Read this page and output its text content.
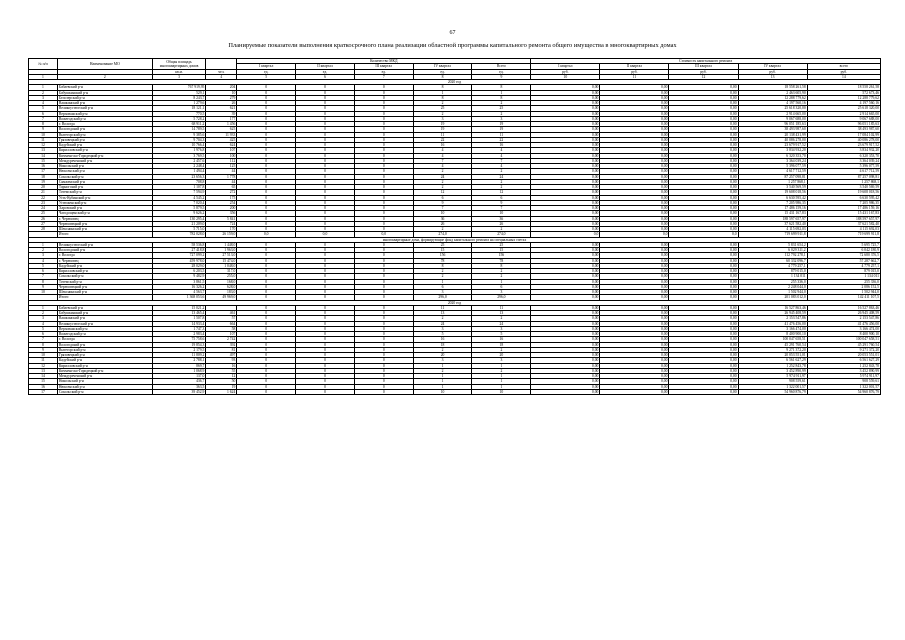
67
Планируемые показатели выполнения краткосрочного плана реализации областной программы капитального ремонта общего имущества в многоквартирных домах
№ п/п	Наименование МО	Общая площадь многоквартирных домов		Количество МКД					Стоимость капитального ремонта				
				I квартал	II квартал	III квартал	IV квартал	Всего	I квартал	II квартал	III квартал	IV квартал	всего
		кв.м.	чел.	ед.	ед.	ед.	ед.	ед.	руб.	руб.	руб.	руб.	руб.
1	2	3	4	5	6	7	8	9	10	11	12	13	14
2020 год													
1	Бабаевский р-н	767 919,95	204	0	0	0	8	8	0,00	0,00	0,00	18 558 261,58	18 558 261,58
2	Бабушкинский р-н	529,1	10	0	0	0	1	1	0,00	0,00	0,00	2 463 605,90	572 673,46
3	Белозерский р-н	8 243,7	279	0	0	0	8	8	0,00	0,00	0,00	12 288 779,62	12 288 779,62
4	Вашкинский р-н	1 279,6	26	0	0	0	2	2	0,00	0,00	0,00	4 197 560,16	4 197 560,16
5	Великоустюгский р-н	18 121,1	621	0	0	0	25	25	0,00	0,00	0,00	25 618 320,00	25 618 320,00
6	Верховажский р-н	770,5	39	0	0	0	2	2	0,00	0,00	0,00	2 914 665,00	2 914 665,00
7	Вожегодский р-н	5 728,2	177	0	0	0	3	3	0,00	0,00	0,00	9 067 688,00	9 067 688,00
8	г. Вологда	68 911,2	1 456	0	0	0	19	19	0,00	0,00	0,00	96 051 185,63	96 051 185,63
9	Вологодский р-н	14 789,5	625	0	0	0	19	19	0,00	0,00	0,00	38 493 987,60	38 493 987,60
10	Вытегорский р-н	9 385,6	11 933	0	0	0	11	11	0,00	0,00	0,00	20 138 431,99	17 084 102,99
11	Грязовецкий р-н	9 704,3	425	0	0	0	22	22	0,00	0,00	0,00	40 086 278,00	40 086 278,00
12	Кадуйский р-н	10 766,4	624	0	0	0	16	16	0,00	0,00	0,00	23 679 917,52	23 679 917,52
13	Кирилловский р-н	1 976,8	107	0	0	0	4	4	0,00	0,00	0,00	3 834 932,20	3 834 932,20
14	Кичменгско-Городецкий р-н	3 769,5	100	0	0	0	4	4	0,00	0,00	0,00	6 320 353,70	6 320 353,70
15	Междуреченский р-н	2 457,6	112	0	0	0	7	7	0,00	0,00	0,00	3 364 039,24	3 364 039,24
16	Никольский р-н	2 248,4	125	0	0	0	4	4	0,00	0,00	0,00	5 396 077,59	5 396 077,59
17	Нюксенский р-н	1 494,4	44	0	0	0	2	2	0,00	0,00	0,00	4 617 712,59	4 617 712,59
18	Сокольский р-н	23 656,3	1 778	0	0	0	24	24	0,00	0,00	0,00	87 257 098,81	87 257 098,81
19	Сямженский р-н	708,8	44	0	0	0	2	2	0,00	0,00	0,00	1 257 868,1	1 257 868,1
20	Тарногский р-н	1 107,8	65	0	0	0	2	2	0,00	0,00	0,00	3 540 569,59	3 540 569,59
21	Тотемский р-н	7 594,9	272	0	0	0	12	12	0,00	0,00	0,00	19 608 018,56	19 608 018,56
22	Усть-Кубинский р-н	4 545,2	175	0	0	0	6	6	0,00	0,00	0,00	6 630 595,42	6 630 595,42
23	Устюженский р-н	7 020,4	254	0	0	0	9	9	0,00	0,00	0,00	7 205 986,35	7 205 986,35
24	Харовский р-н	5 879,5	200	0	0	0	7	7	0,00	0,00	0,00	17 486 159,16	17 486 159,16
25	Чагодощенский р-н	9 626,2	356	0	0	0	10	10	0,00	0,00	0,00	15 431 167,83	15 431 167,83
26	г. Череповец	130 295,4	5 841	0	0	0	36	36	0,00	0,00	0,00	188 597 657,97	188 597 657,97
27	Череповецкий р-н	21 209,0	724	0	0	0	26	26	0,00	0,00	0,00	37 621 582,40	37 621 582,40
28	Шекснинский р-н	5 715,0	170	0	0	0	2	2	0,00	0,00	0,00	4 115 692,03	4 115 692,03
	Итого:	782 028,0	26 159,0	0,0	0,0	0,0	274,0	274,0	0,0	0,0	0,0	719 699 911,8	719 699 911,8
многоквартирные дома, формирующие фонд капитального ремонта на специальных счетах													
1	Великоустюгский р-н	58 536,8	1 448,0	0	0	0	25	25	0,00	0,00	0,00	5 831 654,2	5 695 725,7
2	Вологодский р-н	27 418,8	1 963,0	0	0	0	15	15	0,00	0,00	0,00	6 029 311,2	6 042 180,9
3	г. Вологда	727 099,2	27 513,0	0	0	0	156	156	0,00	0,00	0,00	112 792 278,1	72 680 376,5
4	г. Череповец	459 978,0	15 474,0	0	0	0	78	78	0,00	0,00	0,00	60 332 096,7	57 287 662,7
5	Кадуйский р-н	28 029,0	1 048,0	0	0	0	8	8	0,00	0,00	0,00	4 779 257,1	4 779 257,1
6	Кирилловский р-н	6 203,5	317,0	0	0	0	2	2	0,00	0,00	0,00	879 015,0	879 015,0
7	Сокольский р-н	9 482,9	255,0	0	0	0	2	2	0,00	0,00	0,00	1 134 011	1 134 011
8	Тотемский р-н	3 861,5	168,0	0	0	0	1	1	0,00	0,00	0,00	255 336,0	255 336,0
9	Череповецкий р-н	16 326,2	628,0	0	0	0	6	6	0,00	0,00	0,00	2 248 044,0	2 086 152,5
10	Шекснинский р-н	4 563,7	183,0	0	0	0	3	3	0,00	0,00	0,00	1 502 944,0	1 502 944,0
	Итого:	1 368 053,6	49 969,0	0	0	0	296,0	296,0	0,00	0,00	0,00	201 083 012,0	142 411 107,5
2020 год													
1	Бабаевский р-н	15 021,2		0	0	0	11	11	0,00	0,00	0,00	16 527 863,46	16 527 863,46
2	Бабушкинский р-н	13 465,4	461	0	0	0	13	13	0,00	0,00	0,00	26 945 408,59	26 945 408,59
3	Вашкинский р-н	1 507,8	57	0	0	0	2	2	0,00	0,00	0,00	2 153 547,86	2 153 547,86
4	Великоустюгский р-н	14 933,4	664	0	0	0	24	24	0,00	0,00	0,00	41 476 456,00	41 476 456,00
5	Верховажский р-н	1 747,3	58	0	0	0	3	3	0,00	0,00	0,00	3 166 474,00	3 166 474,00
6	Вожегодский р-н	2 983,4	107	0	0	0	5	5	0,00	0,00	0,00	8 400 900,10	8 400 900,10
7	г. Вологда	75 758,6	2 742	0	0	0	16	16	0,00	0,00	0,00	100 047 658,51	100 047 658,51
8	Вологодский р-н	19 854,3	392	0	0	0	18	18	0,00	0,00	0,00	45 291 760,54	45 291 760,54
9	Вытегорский р-н	2 179,5	81	0	0	0	2	2	0,00	0,00	0,00	9 271 372,20	9 271 372,20
10	Грязовецкий р-н	11 809,2	497	0	0	0	20	20	0,00	0,00	0,00	20 053 551,01	20 053 551,01
11	Кадуйский р-н	2 788,1	93	0	0	0	3	3	0,00	0,00	0,00	6 561 627,29	6 561 627,29
12	Кирилловский р-н	869,7	16	0	0	0	1	1	0,00	0,00	0,00	1 252 843,78	1 252 843,78
13	Кичменгско-Городецкий р-н	1 068,9	55	0	0	0	2	2	0,00	0,00	0,00	3 452 890,99	3 452 890,99
14	Междуреченский р-н	137,0	12	0	0	0	1	1	0,00	0,00	0,00	5 974 911,97	5 974 911,97
15	Никольский р-н	436,7	50	0	0	0	1	1	0,00	0,00	0,00	908 559,61	908 559,61
16	Нюксенский р-н	363,5	19	0	0	0	1	1	0,00	0,00	0,00	1 322 001,57	1 322 001,57
17	Сокольский р-н	39 452,9	1 624	0	0	0	10	10	0,00	0,00	0,00	54 960 876,79	54 960 876,79
